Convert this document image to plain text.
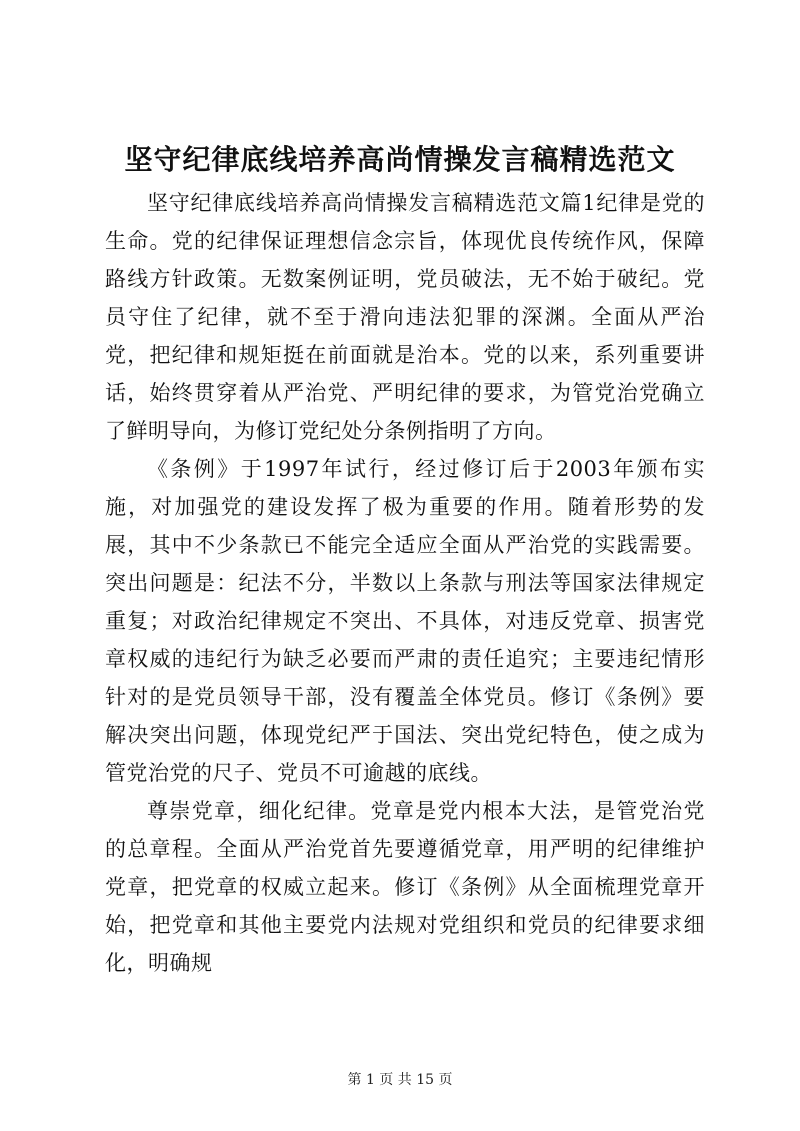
坚守纪律底线培养高尚情操发言稿精选范文

坚守纪律底线培养高尚情操发言稿精选范文篇1纪律是党的生命。党的纪律保证理想信念宗旨，体现优良传统作风，保障路线方针政策。无数案例证明，党员破法，无不始于破纪。党员守住了纪律，就不至于滑向违法犯罪的深渊。全面从严治党，把纪律和规矩挺在前面就是治本。党的以来，系列重要讲话，始终贯穿着从严治党、严明纪律的要求，为管党治党确立了鲜明导向，为修订党纪处分条例指明了方向。

《条例》于1997年试行，经过修订后于2003年颁布实施，对加强党的建设发挥了极为重要的作用。随着形势的发展，其中不少条款已不能完全适应全面从严治党的实践需要。突出问题是：纪法不分，半数以上条款与刑法等国家法律规定重复；对政治纪律规定不突出、不具体，对违反党章、损害党章权威的违纪行为缺乏必要而严肃的责任追究；主要违纪情形针对的是党员领导干部，没有覆盖全体党员。修订《条例》要解决突出问题，体现党纪严于国法、突出党纪特色，使之成为管党治党的尺子、党员不可逾越的底线。

尊崇党章，细化纪律。党章是党内根本大法，是管党治党的总章程。全面从严治党首先要遵循党章，用严明的纪律维护党章，把党章的权威立起来。修订《条例》从全面梳理党章开始，把党章和其他主要党内法规对党组织和党员的纪律要求细化，明确规

第 1 页 共 15 页
